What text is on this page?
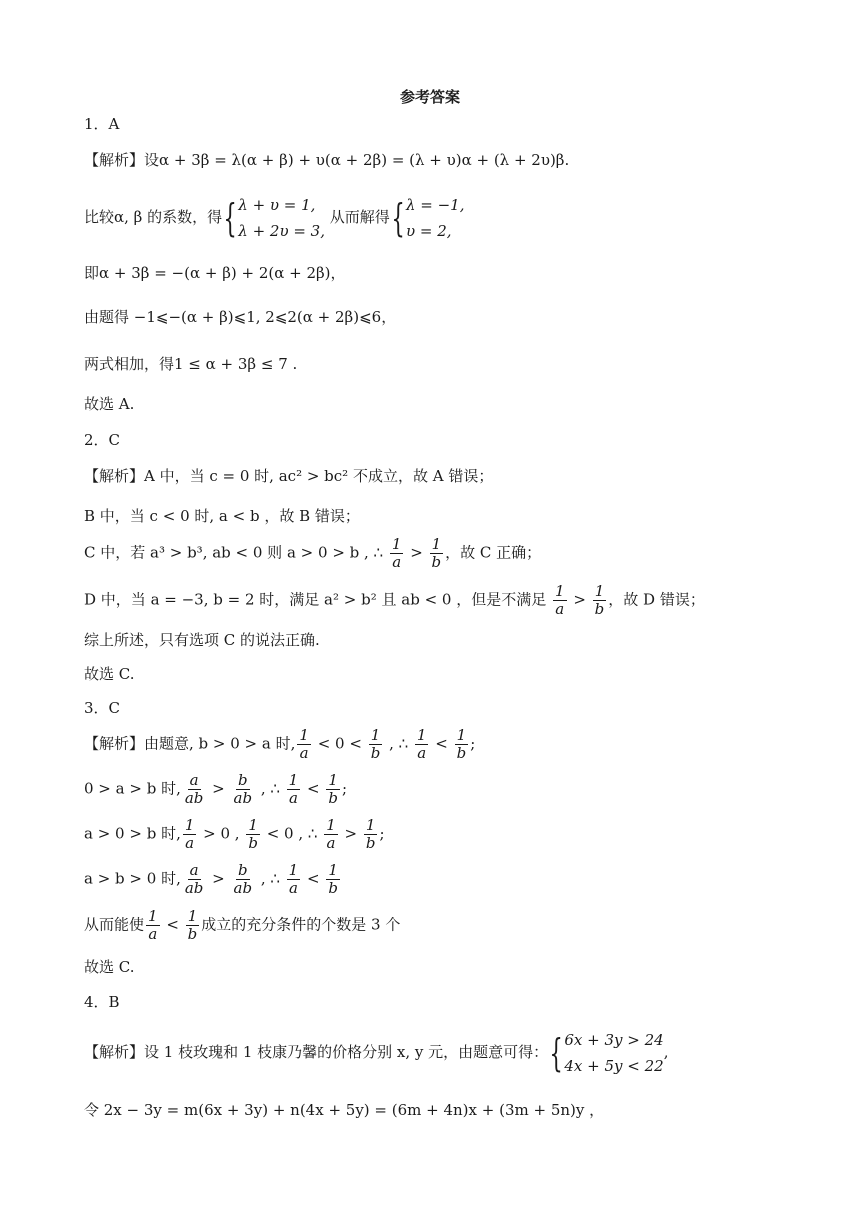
参考答案
1．A
【解析】设α + 3β = λ(α + β) + υ(α + 2β) = (λ + υ)α + (λ + 2υ)β.
比较α, β 的系数，得{λ + υ = 1,
λ + 2υ = 3, 从而解得{λ = −1,
υ = 2,
即α + 3β = −(α + β) + 2(α + 2β)，
由题得 −1⩽−(α + β)⩽1, 2⩽2(α + 2β)⩽6，
两式相加，得1 ≤ α + 3β ≤ 7 .
故选 A.
2．C
【解析】A 中，当 c = 0 时, ac² > bc² 不成立，故 A 错误；
B 中，当 c < 0 时, a < b ，故 B 错误；
C 中，若 a³ > b³, ab < 0 则 a > 0 > b , ∴ $\frac{1}{a} > \frac{1}{b}$ ，故 C 正确；
D 中，当 a = −3, b = 2 时，满足 a² > b² 且 ab < 0 ，但是不满足 $\frac{1}{a} > \frac{1}{b}$ ，故 D 错误；
综上所述，只有选项 C 的说法正确.
故选 C.
3．C
【解析】由题意, b > 0 > a 时, $\frac{1}{a} < 0 < \frac{1}{b}$ , ∴ $\frac{1}{a} < \frac{1}{b}$ ;
0 > a > b 时, $\frac{a}{ab} > \frac{b}{ab}$ , ∴ $\frac{1}{a} < \frac{1}{b}$ ;
a > 0 > b 时, $\frac{1}{a} > 0$ , $\frac{1}{b} < 0$ , ∴ $\frac{1}{a} > \frac{1}{b}$ ;
a > b > 0 时, $\frac{a}{ab} > \frac{b}{ab}$ , ∴ $\frac{1}{a} < \frac{1}{b}$
从而能使 $\frac{1}{a} < \frac{1}{b}$ 成立的充分条件的个数是 3 个
故选 C.
4．B
【解析】设 1 枝玫瑰和 1 枝康乃馨的价格分别 x, y 元，由题意可得：{6x + 3y > 24
4x + 5y < 22,
令 2x − 3y = m(6x + 3y) + n(4x + 5y) = (6m + 4n)x + (3m + 5n)y ，
